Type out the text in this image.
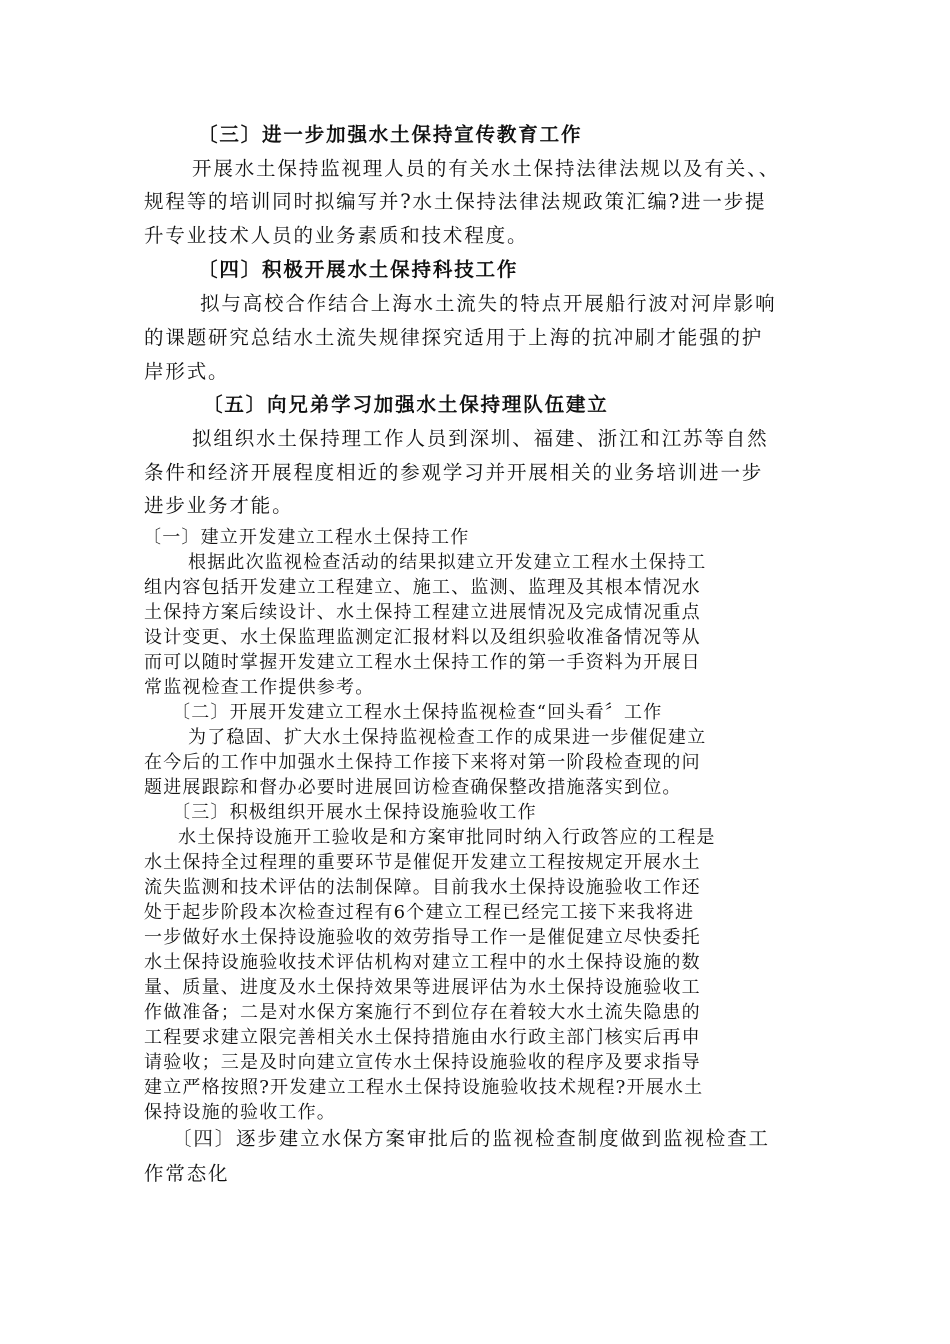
〔三〕进一步加强水土保持宣传教育工作
开展水土保持监视理人员的有关水土保持法律法规以及有关、、
规程等的培训同时拟编写并?水土保持法律法规政策汇编?进一步提
升专业技术人员的业务素质和技术程度。
〔四〕积极开展水土保持科技工作
拟与高校合作结合上海水土流失的特点开展船行波对河岸影响
的课题研究总结水土流失规律探究适用于上海的抗冲刷才能强的护
岸形式。
〔五〕向兄弟学习加强水土保持理队伍建立
拟组织水土保持理工作人员到深圳、福建、浙江和江苏等自然
条件和经济开展程度相近的参观学习并开展相关的业务培训进一步
进步业务才能。
〔一〕建立开发建立工程水土保持工作
根据此次监视检查活动的结果拟建立开发建立工程水土保持工
组内容包括开发建立工程建立、施工、监测、监理及其根本情况水
土保持方案后续设计、水土保持工程建立进展情况及完成情况重点
设计变更、水土保监理监测定汇报材料以及组织验收准备情况等从
而可以随时掌握开发建立工程水土保持工作的第一手资料为开展日
常监视检查工作提供参考。
〔二〕开展开发建立工程水土保持监视检查“回头看〞工作
为了稳固、扩大水土保持监视检查工作的成果进一步催促建立
在今后的工作中加强水土保持工作接下来将对第一阶段检查现的问
题进展跟踪和督办必要时进展回访检查确保整改措施落实到位。
〔三〕积极组织开展水土保持设施验收工作
水土保持设施开工验收是和方案审批同时纳入行政答应的工程是
水土保持全过程理的重要环节是催促开发建立工程按规定开展水土
流失监测和技术评估的法制保障。目前我水土保持设施验收工作还
处于起步阶段本次检查过程有6个建立工程已经完工接下来我将进
一步做好水土保持设施验收的效劳指导工作一是催促建立尽快委托
水土保持设施验收技术评估机构对建立工程中的水土保持设施的数
量、质量、进度及水土保持效果等进展评估为水土保持设施验收工
作做准备；二是对水保方案施行不到位存在着较大水土流失隐患的
工程要求建立限完善相关水土保持措施由水行政主部门核实后再申
请验收；三是及时向建立宣传水土保持设施验收的程序及要求指导
建立严格按照?开发建立工程水土保持设施验收技术规程?开展水土
保持设施的验收工作。
〔四〕逐步建立水保方案审批后的监视检查制度做到监视检查工
作常态化
